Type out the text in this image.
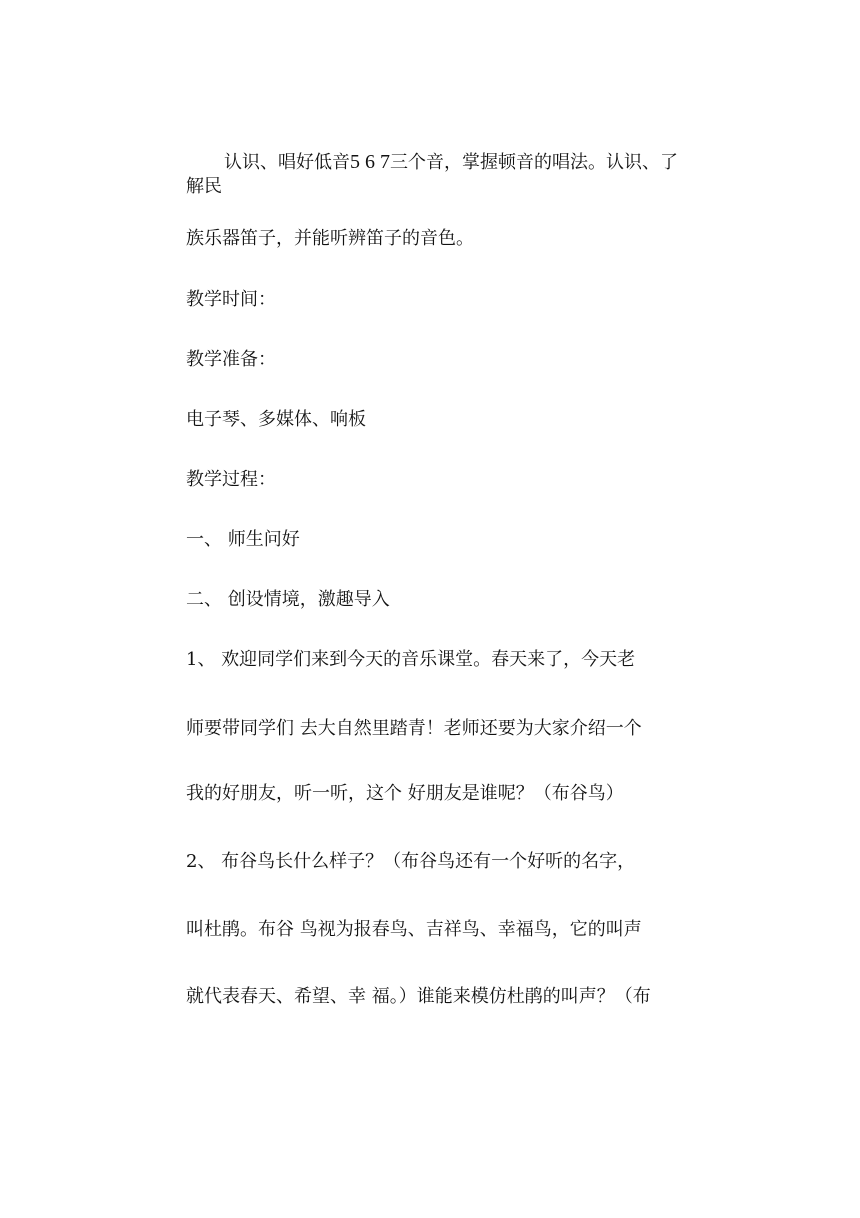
认识、唱好低音5 6 7三个音，掌握顿音的唱法。认识、了解民
族乐器笛子，并能听辨笛子的音色。
教学时间：
教学准备：
电子琴、多媒体、响板
教学过程：
一、 师生问好
二、 创设情境，激趣导入
1、 欢迎同学们来到今天的音乐课堂。春天来了，今天老
师要带同学们 去大自然里踏青！老师还要为大家介绍一个
我的好朋友，听一听，这个 好朋友是谁呢？（布谷鸟）
2、 布谷鸟长什么样子？（布谷鸟还有一个好听的名字，
叫杜鹃。布谷 鸟视为报春鸟、吉祥鸟、幸福鸟，它的叫声
就代表春天、希望、幸 福。）谁能来模仿杜鹃的叫声？（布
